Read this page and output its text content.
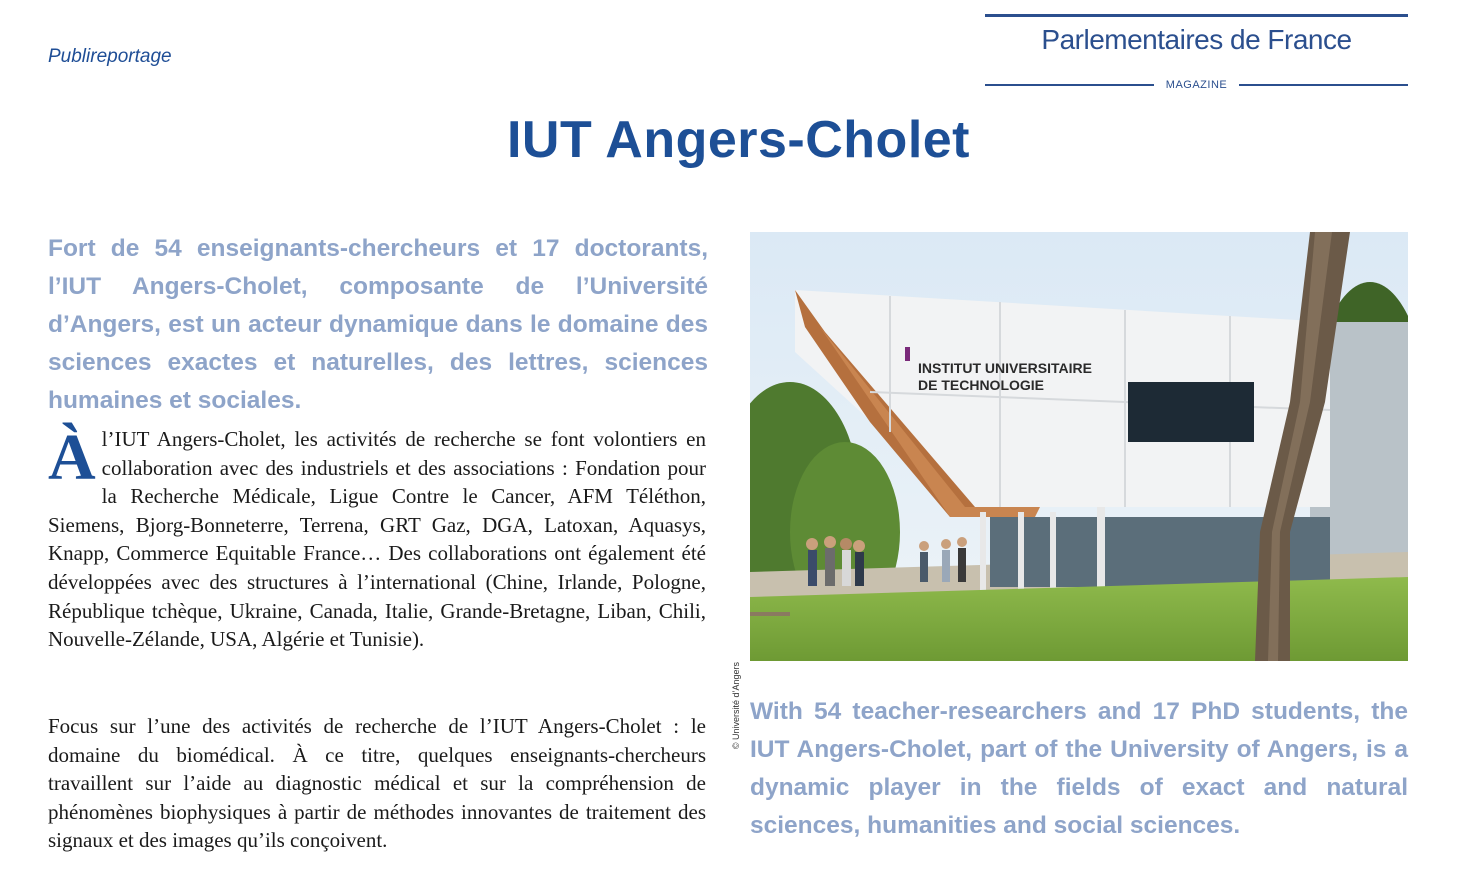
Publireportage
Parlementaires de France
MAGAZINE
IUT Angers-Cholet

Fort de 54 enseignants-chercheurs et 17 doctorants, l’IUT Angers-Cholet, composante de l’Université d’Angers, est un acteur dynamique dans le domaine des sciences exactes et naturelles, des lettres, sciences humaines et sociales.

À l’IUT Angers-Cholet, les activités de recherche se font volontiers en collaboration avec des industriels et des associations : Fondation pour la Recherche Médicale, Ligue Contre le Cancer, AFM Téléthon, Siemens, Bjorg-Bonneterre, Terrena, GRT Gaz, DGA, Latoxan, Aquasys, Knapp, Commerce Equitable France… Des collaborations ont également été développées avec des structures à l’international (Chine, Irlande, Pologne, République tchèque, Ukraine, Canada, Italie, Grande-Bretagne, Liban, Chili, Nouvelle-Zélande, USA, Algérie et Tunisie).

Focus sur l’une des activités de recherche de l’IUT Angers-Cholet : le domaine du biomédical. À ce titre, quelques enseignants-chercheurs travaillent sur l’aide au diagnostic médical et sur la compréhension de phénomènes biophysiques à partir de méthodes innovantes de traitement des signaux et des images qu’ils conçoivent.

INSTITUT UNIVERSITAIRE
DE TECHNOLOGIE
© Université d’Angers With 54 teacher-researchers and 17 PhD students, the IUT Angers-Cholet, part of the University of Angers, is a dynamic player in the fields of exact and natural sciences, humanities and social sciences.
